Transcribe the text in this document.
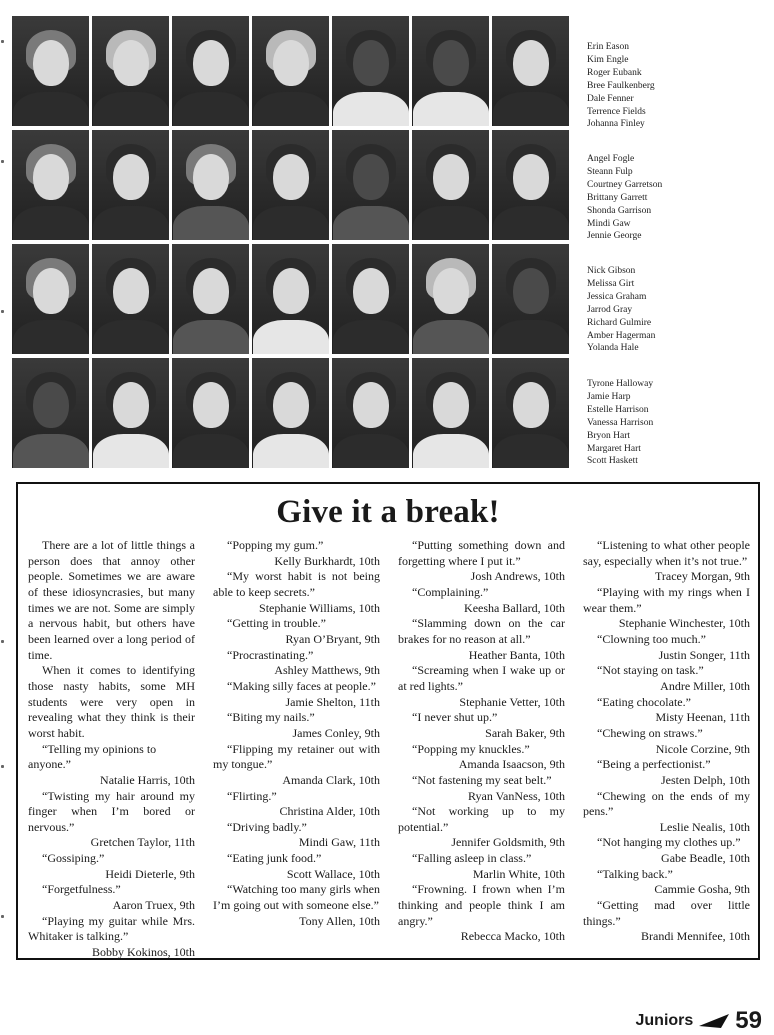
Erin Eason
Kim Engle
Roger Eubank
Bree Faulkenberg
Dale Fenner
Terrence Fields
Johanna Finley
Angel Fogle
Steann Fulp
Courtney Garretson
Brittany Garrett
Shonda Garrison
Mindi Gaw
Jennie George
Nick Gibson
Melissa Girt
Jessica Graham
Jarrod Gray
Richard Gulmire
Amber Hagerman
Yolanda Hale
Tyrone Halloway
Jamie Harp
Estelle Harrison
Vanessa Harrison
Bryon Hart
Margaret Hart
Scott Haskett
Give it a break!

There are a lot of little things a person does that annoy other people. Sometimes we are aware of these idiosyncrasies, but many times we are not. Some are simply a nervous habit, but others have been learned over a long period of time.

When it comes to identifying those nasty habits, some MH students were very open in revealing what they think is their worst habit.

“Telling my opinions to anyone.”

Natalie Harris, 10th

“Twisting my hair around my finger when I’m bored or nervous.”

Gretchen Taylor, 11th

“Gossiping.”

Heidi Dieterle, 9th

“Forgetfulness.”

Aaron Truex, 9th

“Playing my guitar while Mrs. Whitaker is talking.”

Bobby Kokinos, 10th

“Popping my gum.”

Kelly Burkhardt, 10th

“My worst habit is not being able to keep secrets.”

Stephanie Williams, 10th

“Getting in trouble.”

Ryan O’Bryant, 9th

“Procrastinating.”

Ashley Matthews, 9th

“Making silly faces at people.”

Jamie Shelton, 11th

“Biting my nails.”

James Conley, 9th

“Flipping my retainer out with my tongue.”

Amanda Clark, 10th

“Flirting.”

Christina Alder, 10th

“Driving badly.”

Mindi Gaw, 11th

“Eating junk food.”

Scott Wallace, 10th

“Watching too many girls when I’m going out with someone else.”

Tony Allen, 10th

“Putting something down and forgetting where I put it.”

Josh Andrews, 10th

“Complaining.”

Keesha Ballard, 10th

“Slamming down on the car brakes for no reason at all.”

Heather Banta, 10th

“Screaming when I wake up or at red lights.”

Stephanie Vetter, 10th

“I never shut up.”

Sarah Baker, 9th

“Popping my knuckles.”

Amanda Isaacson, 9th

“Not fastening my seat belt.”

Ryan VanNess, 10th

“Not working up to my potential.”

Jennifer Goldsmith, 9th

“Falling asleep in class.”

Marlin White, 10th

“Frowning. I frown when I’m thinking and people think I am angry.”

Rebecca Macko, 10th

“Listening to what other people say, especially when it’s not true.”

Tracey Morgan, 9th

“Playing with my rings when I wear them.”

Stephanie Winchester, 10th

“Clowning too much.”

Justin Songer, 11th

“Not staying on task.”

Andre Miller, 10th

“Eating chocolate.”

Misty Heenan, 11th

“Chewing on straws.”

Nicole Corzine, 9th

“Being a perfectionist.”

Jesten Delph, 10th

“Chewing on the ends of my pens.”

Leslie Nealis, 10th

“Not hanging my clothes up.”

Gabe Beadle, 10th

“Talking back.”

Cammie Gosha, 9th

“Getting mad over little things.”

Brandi Mennifee, 10th

Juniors 59
